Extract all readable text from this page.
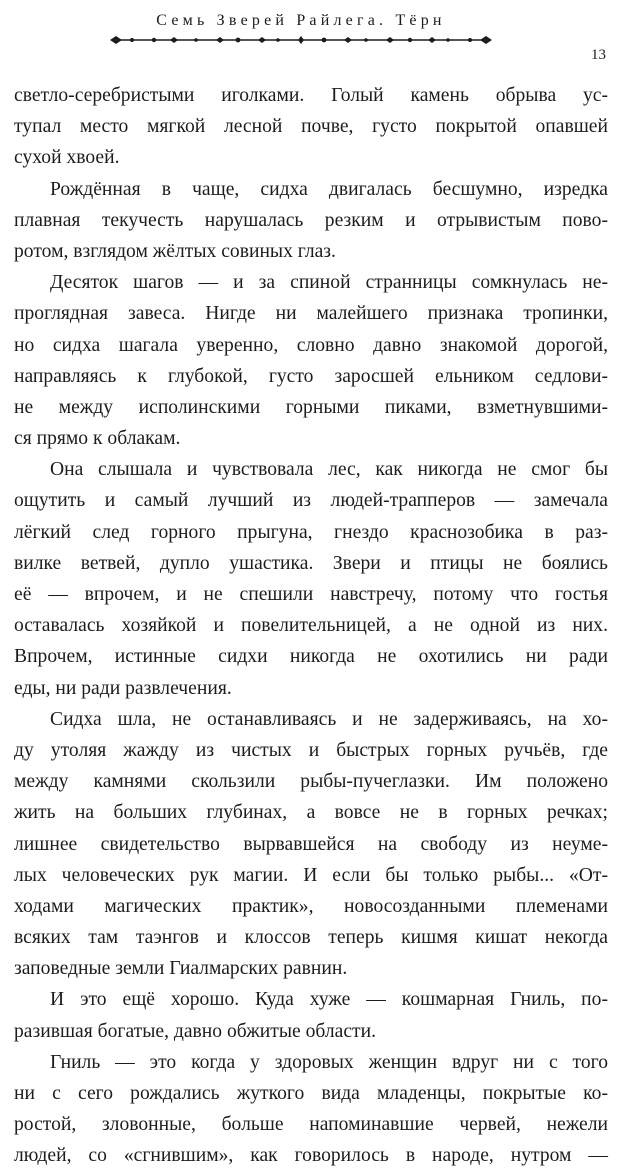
Семь Зверей Райлега. Тёрн
13
светло-серебристыми иголками. Голый камень обрыва ус-
тупал место мягкой лесной почве, густо покрытой опавшей
сухой хвоей.
Рождённая в чаще, сидха двигалась бесшумно, изредка
плавная текучесть нарушалась резким и отрывистым пово-
ротом, взглядом жёлтых совиных глаз.
Десяток шагов — и за спиной странницы сомкнулась не-
проглядная завеса. Нигде ни малейшего признака тропинки,
но сидха шагала уверенно, словно давно знакомой дорогой,
направляясь к глубокой, густо заросшей ельником седлови-
не между исполинскими горными пиками, взметнувшими-
ся прямо к облакам.
Она слышала и чувствовала лес, как никогда не смог бы
ощутить и самый лучший из людей-трапперов — замечала
лёгкий след горного прыгуна, гнездо краснозобика в раз-
вилке ветвей, дупло ушастика. Звери и птицы не боялись
её — впрочем, и не спешили навстречу, потому что гостья
оставалась хозяйкой и повелительницей, а не одной из них.
Впрочем, истинные сидхи никогда не охотились ни ради
еды, ни ради развлечения.
Сидха шла, не останавливаясь и не задерживаясь, на хо-
ду утоляя жажду из чистых и быстрых горных ручьёв, где
между камнями скользили рыбы-пучеглазки. Им положено
жить на больших глубинах, а вовсе не в горных речках;
лишнее свидетельство вырвавшейся на свободу из неуме-
лых человеческих рук магии. И если бы только рыбы... «От-
ходами магических практик», новосозданными племенами
всяких там таэнгов и клоссов теперь кишмя кишат некогда
заповедные земли Гиалмарских равнин.
И это ещё хорошо. Куда хуже — кошмарная Гниль, по-
разившая богатые, давно обжитые области.
Гниль — это когда у здоровых женщин вдруг ни с того
ни с сего рождались жуткого вида младенцы, покрытые ко-
ростой, зловонные, больше напоминавшие червей, нежели
людей, со «сгнившим», как говорилось в народе, нутром —
